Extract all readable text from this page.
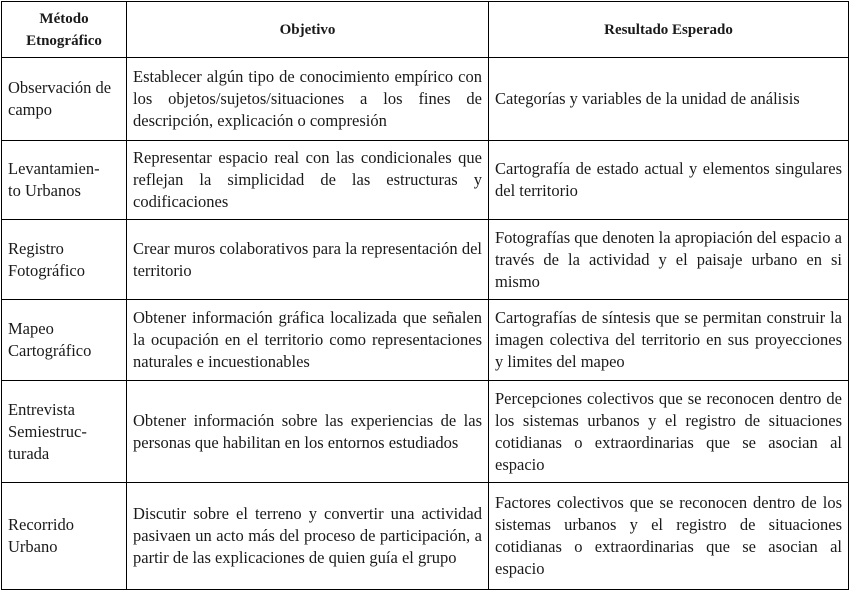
Método Etnográfico	Objetivo	Resultado Esperado
Observación de campo	Establecer algún tipo de conocimiento empírico con los objetos/sujetos/situaciones a los fines de descripción, explicación o compresión	Categorías y variables de la unidad de análisis
Levantamien-
to Urbanos	Representar espacio real con las condicionales que reflejan la simplicidad de las estructuras y codificaciones	Cartografía de estado actual y elementos singulares del territorio
Registro Fotográfico	Crear muros colaborativos para la representación del territorio	Fotografías que denoten la apropiación del espacio a través de la actividad y el paisaje urbano en si mismo
Mapeo Cartográfico	Obtener información gráfica localizada que señalen la ocupación en el territorio como representaciones naturales e incuestionables	Cartografías de síntesis que se permitan construir la imagen colectiva del territorio en sus proyecciones y limites del mapeo
Entrevista
Semiestruc-
turada	Obtener información sobre las experiencias de las personas que habilitan en los entornos estudiados	Percepciones colectivos que se reconocen dentro de los sistemas urbanos y el registro de situaciones cotidianas o extraordinarias que se asocian al espacio
Recorrido Urbano	Discutir sobre el terreno y convertir una actividad pasivaen un acto más del proceso de participación, a partir de las explicaciones de quien guía el grupo	Factores colectivos que se reconocen dentro de los sistemas urbanos y el registro de situaciones cotidianas o extraordinarias que se asocian al espacio
